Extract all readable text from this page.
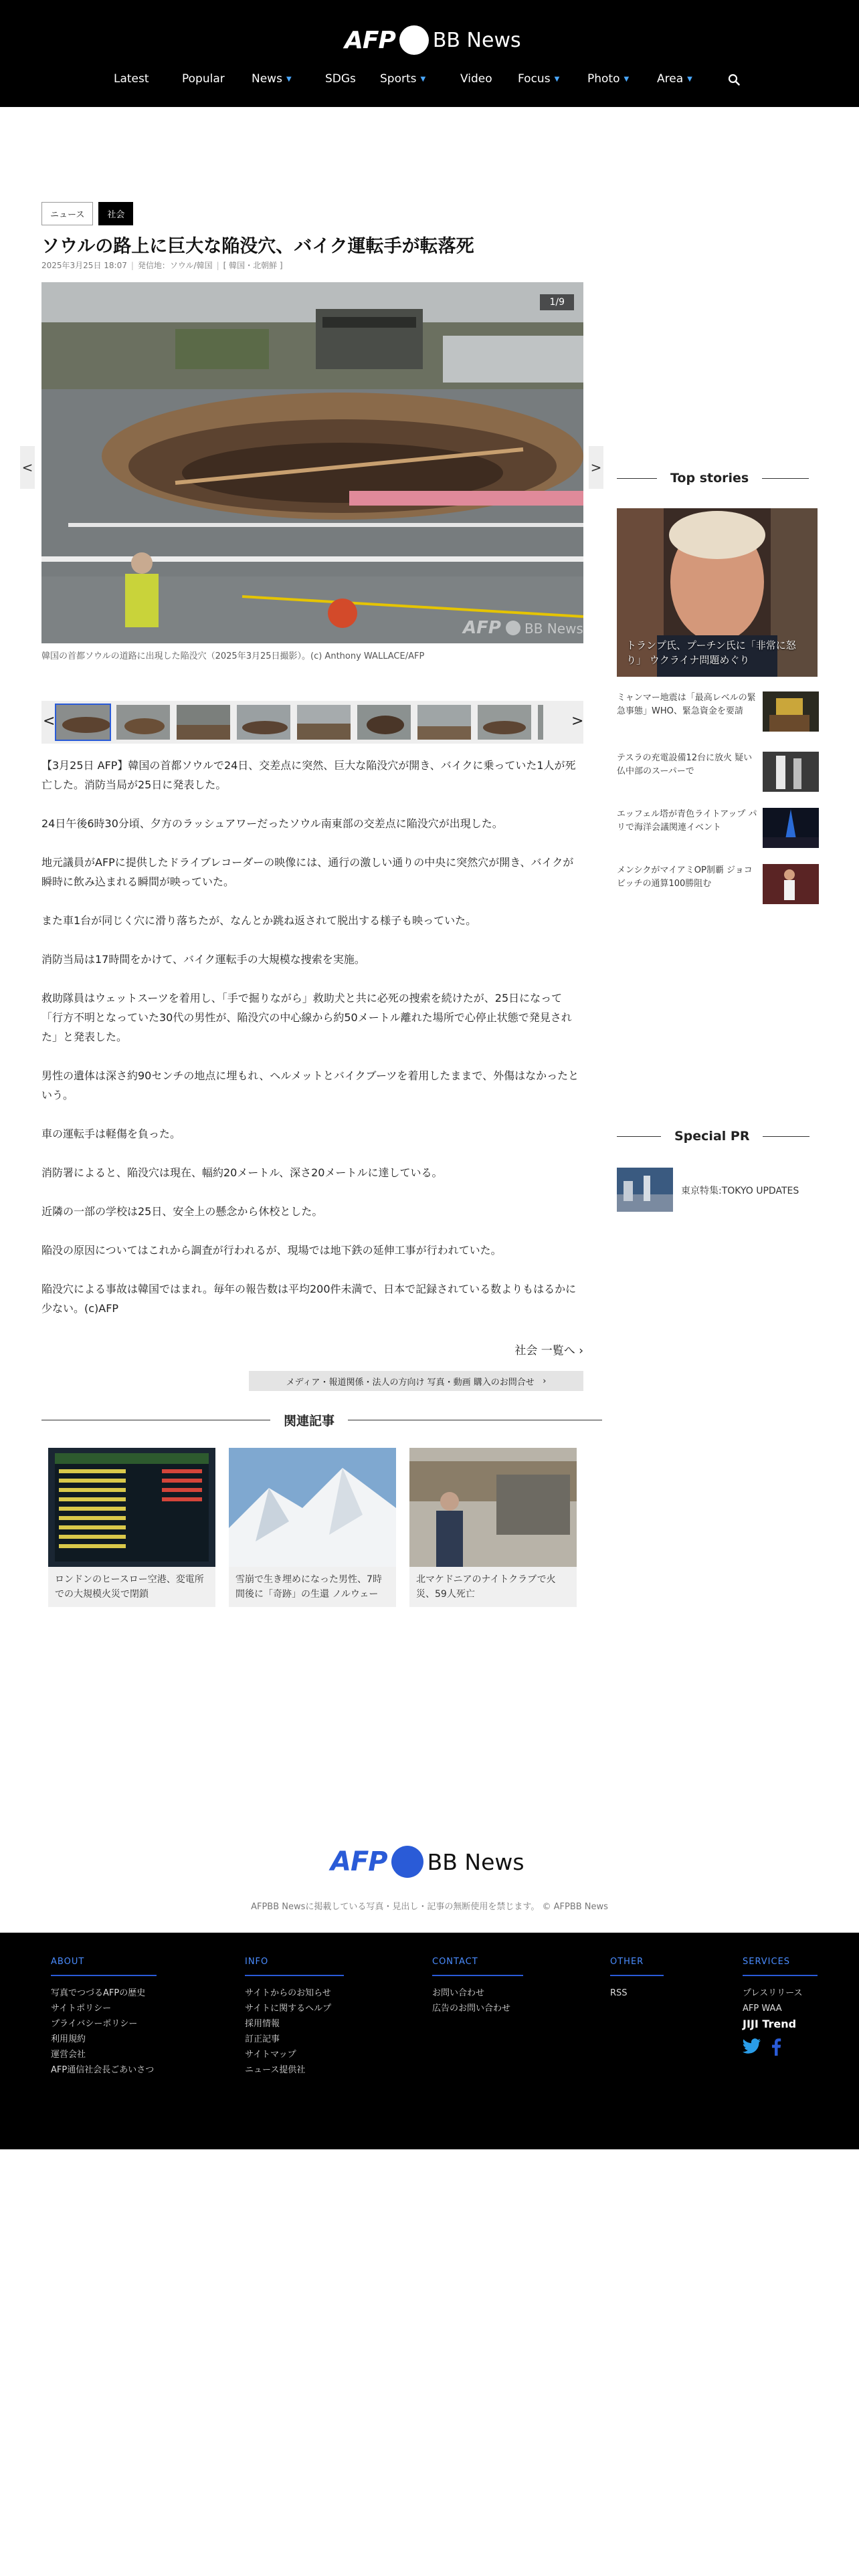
AFP BB News
Latest	Popular News ▼	SDGs Sports ▼	Video Focus ▼ Photo ▼ Area ▼
ニュース	社会
ソウルの路上に巨大な陥没穴、バイク運転手が転落死
2025年3月25日 18:07 | 発信地：ソウル/韓国 | [ 韓国・北朝鮮 ]
AFP BB News
1/9
<	>
韓国の首都ソウルの道路に出現した陥没穴（2025年3月25日撮影）。(c) Anthony WALLACE/AFP
<	>

【3月25日 AFP】韓国の首都ソウルで24日、交差点に突然、巨大な陥没穴が開き、バイクに乗っていた1人が死亡した。消防当局が25日に発表した。

24日午後6時30分頃、夕方のラッシュアワーだったソウル南東部の交差点に陥没穴が出現した。

地元議員がAFPに提供したドライブレコーダーの映像には、通行の激しい通りの中央に突然穴が開き、バイクが瞬時に飲み込まれる瞬間が映っていた。

また車1台が同じく穴に滑り落ちたが、なんとか跳ね返されて脱出する様子も映っていた。

消防当局は17時間をかけて、バイク運転手の大規模な捜索を実施。

救助隊員はウェットスーツを着用し、「手で掘りながら」救助犬と共に必死の捜索を続けたが、25日になって「行方不明となっていた30代の男性が、陥没穴の中心線から約50メートル離れた場所で心停止状態で発見された」と発表した。

男性の遺体は深さ約90センチの地点に埋もれ、ヘルメットとバイクブーツを着用したままで、外傷はなかったという。

車の運転手は軽傷を負った。

消防署によると、陥没穴は現在、幅約20メートル、深さ20メートルに達している。

近隣の一部の学校は25日、安全上の懸念から休校とした。

陥没の原因についてはこれから調査が行われるが、現場では地下鉄の延伸工事が行われていた。

陥没穴による事故は韓国ではまれ。毎年の報告数は平均200件未満で、日本で記録されている数よりもはるかに少ない。(c)AFP

社会 一覧へ ›
メディア・報道関係・法人の方向け 写真・動画 購入のお問合せ
›
関連記事
ロンドンのヒースロー空港、変電所での大規模火災で閉鎖
雪崩で生き埋めになった男性、7時間後に「奇跡」の生還 ノルウェー
北マケドニアのナイトクラブで火災、59人死亡
Top stories
トランプ氏、プーチン氏に「非常に怒り」 ウクライナ問題めぐり
ミャンマー地震は「最高レベルの緊急事態」WHO、緊急資金を要請
テスラの充電設備12台に放火 疑い 仏中部のスーパーで
エッフェル塔が青色ライトアップ パリで海洋会議関連イベント
メンシクがマイアミOP制覇 ジョコビッチの通算100勝阻む
Special PR
東京特集:TOKYO UPDATES
AFP BB News
AFPBB Newsに掲載している写真・見出し・記事の無断使用を禁じます。 © AFPBB News
ABOUT
写真でつづるAFPの歴史
サイトポリシー
プライバシーポリシー
利用規約
運営会社
AFP通信社会長ごあいさつ
INFO
サイトからのお知らせ
サイトに関するヘルプ
採用情報
訂正記事
サイトマップ
ニュース提供社
CONTACT
お問い合わせ
広告のお問い合わせ
OTHER
RSS
SERVICES
プレスリリース
AFP WAA
JIJI Trend
